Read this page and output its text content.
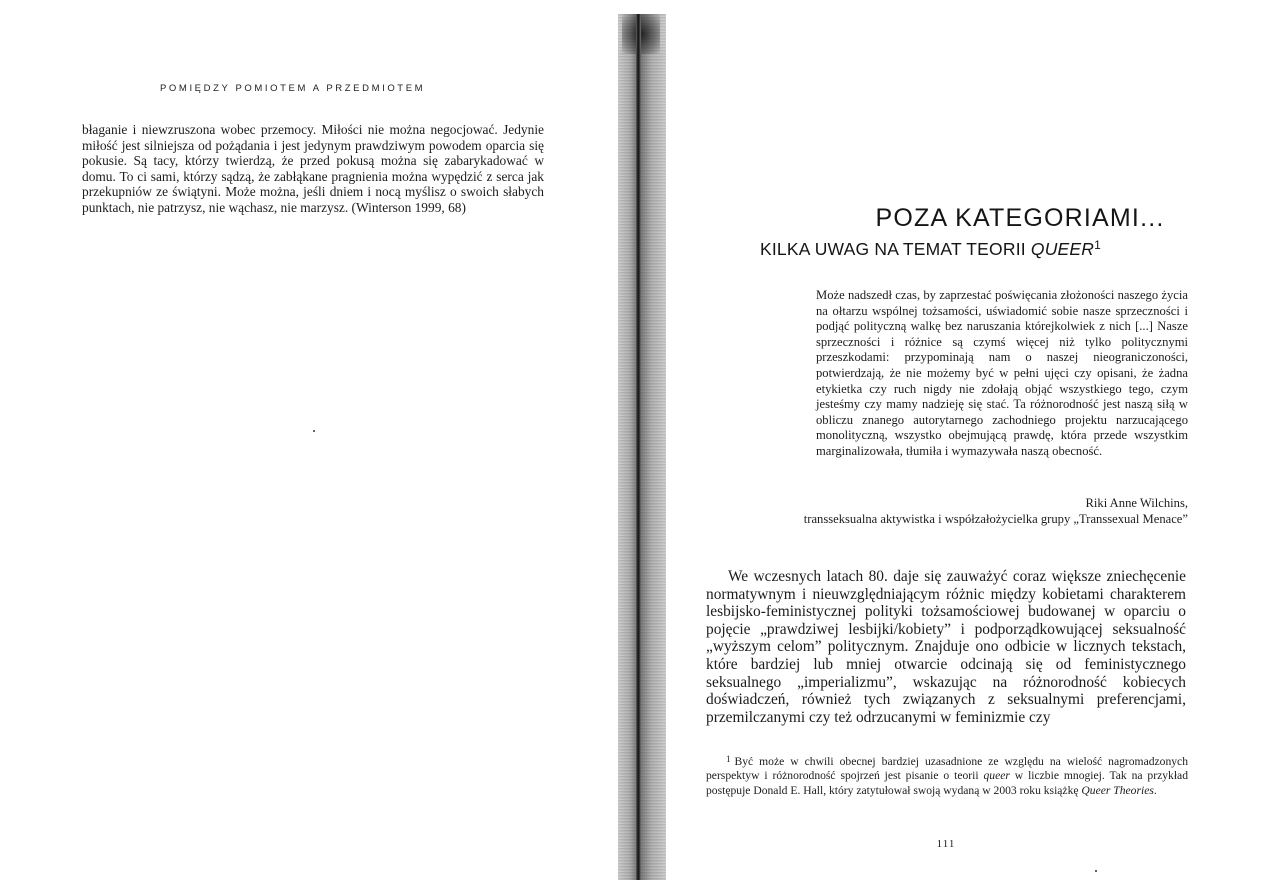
POMIĘDZY POMIOTEM A PRZEDMIOTEM

błaganie i niewzruszona wobec przemocy. Miłości nie można negocjować. Jedynie miłość jest silniejsza od pożądania i jest jedynym prawdziwym powodem oparcia się pokusie. Są tacy, którzy twierdzą, że przed pokusą można się zabarykadować w domu. To ci sami, którzy sądzą, że zabłąkane pragnienia można wypędzić z serca jak przekupniów ze świątyni. Może można, jeśli dniem i nocą myślisz o swoich słabych punktach, nie patrzysz, nie wąchasz, nie marzysz. (Winterson 1999, 68)	POZA KATEGORIAMI...
KILKA UWAG NA TEMAT TEORII QUEER$^1$

Może nadszedł czas, by zaprzestać poświęcania złożoności naszego życia na ołtarzu wspólnej tożsamości, uświadomić sobie nasze sprzeczności i podjąć polityczną walkę bez naruszania którejkolwiek z nich [...] Nasze sprzeczności i różnice są czymś więcej niż tylko politycznymi przeszkodami: przypominają nam o naszej nieograniczoności, potwierdzają, że nie możemy być w pełni ujęci czy opisani, że żadna etykietka czy ruch nigdy nie zdołają objąć wszystkiego tego, czym jesteśmy czy mamy nadzieję się stać. Ta różnorodność jest naszą siłą w obliczu znanego autorytarnego zachodniego projektu narzucającego monolityczną, wszystko obejmującą prawdę, która przede wszystkim marginalizowała, tłumiła i wymazywała naszą obecność.

Riki Anne Wilchins,
transseksualna aktywistka i współzałożycielka grupy „Transsexual Menace”

We wczesnych latach 80. daje się zauważyć coraz większe zniechęcenie normatywnym i nieuwzględniającym różnic między kobietami charakterem lesbijsko-feministycznej polityki tożsamościowej budowanej w oparciu o pojęcie „prawdziwej lesbijki/kobiety” i podporządkowującej seksualność „wyższym celom” politycznym. Znajduje ono odbicie w licznych tekstach, które bardziej lub mniej otwarcie odcinają się od feministycznego seksualnego „imperializmu”, wskazując na różnorodność kobiecych doświadczeń, również tych związanych z seksualnymi preferencjami, przemilczanymi czy też odrzucanymi w feminizmie czy

$^1$ Być może w chwili obecnej bardziej uzasadnione ze względu na wielość nagromadzonych perspektyw i różnorodność spojrzeń jest pisanie o teorii queer w liczbie mnogiej. Tak na przykład postępuje Donald E. Hall, który zatytułował swoją wydaną w 2003 roku książkę Queer Theories.

111
